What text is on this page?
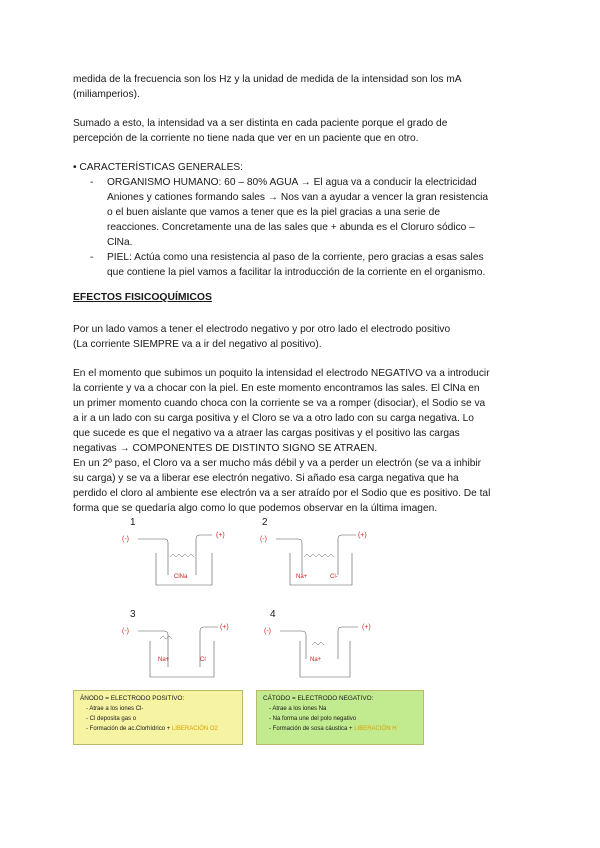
medida de la frecuencia son los Hz y la unidad de medida de la intensidad son los mA

(miliamperios).

Sumado a esto, la intensidad va a ser distinta en cada paciente porque el grado de

percepción de la corriente no tiene nada que ver en un paciente que en otro.

• CARACTERÍSTICAS GENERALES:
- ORGANISMO HUMANO: 60 – 80% AGUA → El agua va a conducir la electricidad
Aniones y cationes formando sales → Nos van a ayudar a vencer la gran resistencia
o el buen aislante que vamos a tener que es la piel gracias a una serie de
reacciones. Concretamente una de las sales que + abunda es el Cloruro sódico –
ClNa.
- PIEL: Actúa como una resistencia al paso de la corriente, pero gracias a esas sales
que contiene la piel vamos a facilitar la introducción de la corriente en el organismo.
EFECTOS FISICOQUÍMICOS

Por un lado vamos a tener el electrodo negativo y por otro lado el electrodo positivo

(La corriente SIEMPRE va a ir del negativo al positivo).

En el momento que subimos un poquito la intensidad el electrodo NEGATIVO va a introducir

la corriente y va a chocar con la piel. En este momento encontramos las sales. El ClNa en

un primer momento cuando choca con la corriente se va a romper (disociar), el Sodio se va

a ir a un lado con su carga positiva y el Cloro se va a otro lado con su carga negativa. Lo

que sucede es que el negativo va a atraer las cargas positivas y el positivo las cargas

negativas → COMPONENTES DE DISTINTO SIGNO SE ATRAEN.

En un 2º paso, el Cloro va a ser mucho más débil y va a perder un electrón (se va a inhibir

su carga) y se va a liberar ese electrón negativo. Si añado esa carga negativa que ha

perdido el cloro al ambiente ese electrón va a ser atraído por el Sodio que es positivo. De tal

forma que se quedaría algo como lo que podemos observar en la última imagen.

1
(-)
(+)
ClNa
2
(-)
(+)
Na+	Cl-
3
(-)
(+)
Na+	Cl
4
(-)
(+)
Na+
ÁNODO = ELECTRODO POSITIVO:
- Atrae a los iones Cl-
- Cl deposita gas o
- Formación de ac.Clorhídrico + LIBERACIÓN O2
CÁTODO = ELECTRODO NEGATIVO:
- Atrae a los iones Na
- Na forma une del polo negativo
- Formación de sosa cáustica + LIBERACIÓN H
